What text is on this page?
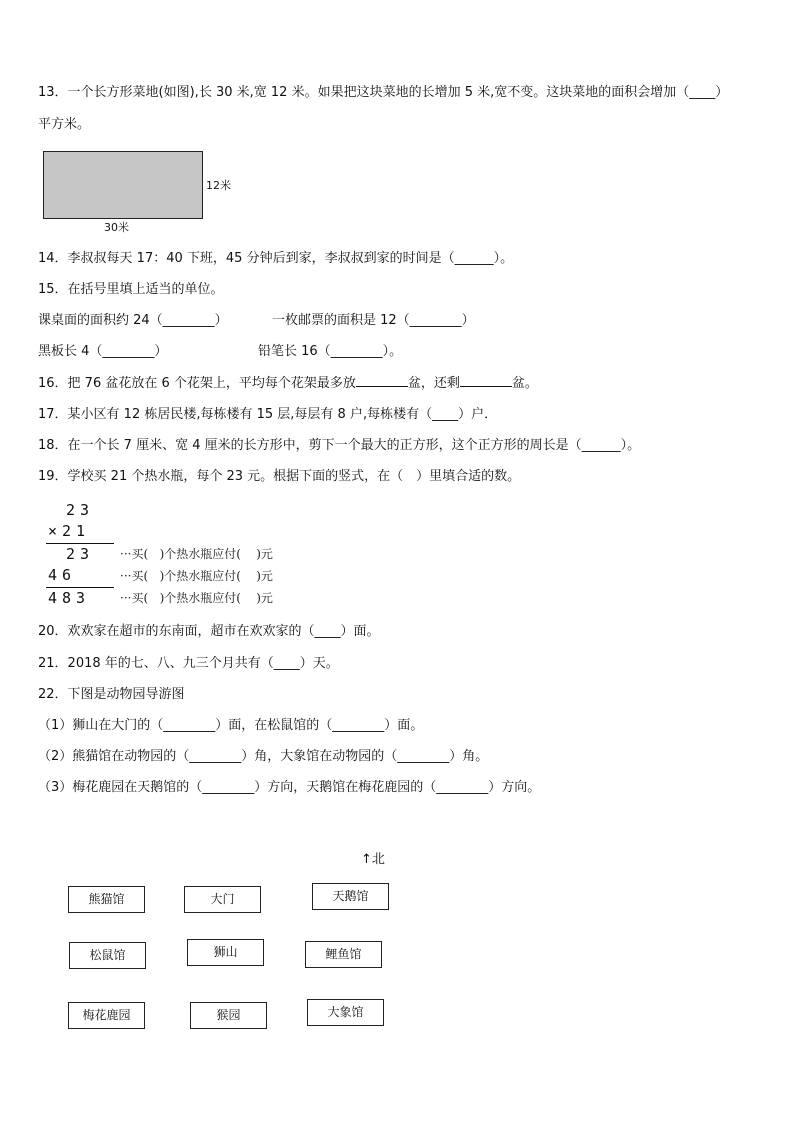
13．一个长方形菜地(如图),长 30 米,宽 12 米。如果把这块菜地的长增加 5 米,宽不变。这块菜地的面积会增加（____）
平方米。
12米
30米
14．李叔叔每天 17：40 下班，45 分钟后到家，李叔叔到家的时间是（______）。
15．在括号里填上适当的单位。
课桌面的面积约 24（________）	一枚邮票的面积是 12（________）
黑板长 4（________）	铅笔长 16（________）。
16．把 76 盆花放在 6 个花架上，平均每个花架最多放	盆，还剩	盆。
17．某小区有 12 栋居民楼,每栋楼有 15 层,每层有 8 户,每栋楼有（____）户．
18．在一个长 7 厘米、宽 4 厘米的长方形中，剪下一个最大的正方形，这个正方形的周长是（______）。
19．学校买 21 个热水瓶，每个 23 元。根据下面的竖式，在（　）里填合适的数。
23
×21
23
46
483
···买( )个热水瓶应付( )元
···买( )个热水瓶应付( )元
···买( )个热水瓶应付( )元
20．欢欢家在超市的东南面，超市在欢欢家的（____）面。
21．2018 年的七、八、九三个月共有（____）天。
22．下图是动物园导游图
（1）狮山在大门的（________）面，在松鼠馆的（________）面。
（2）熊猫馆在动物园的（________）角，大象馆在动物园的（________）角。
（3）梅花鹿园在天鹅馆的（________）方向，天鹅馆在梅花鹿园的（________）方向。
↑北
熊猫馆	大门	天鹅馆
松鼠馆	狮山	鲤鱼馆
梅花鹿园	猴园	大象馆
